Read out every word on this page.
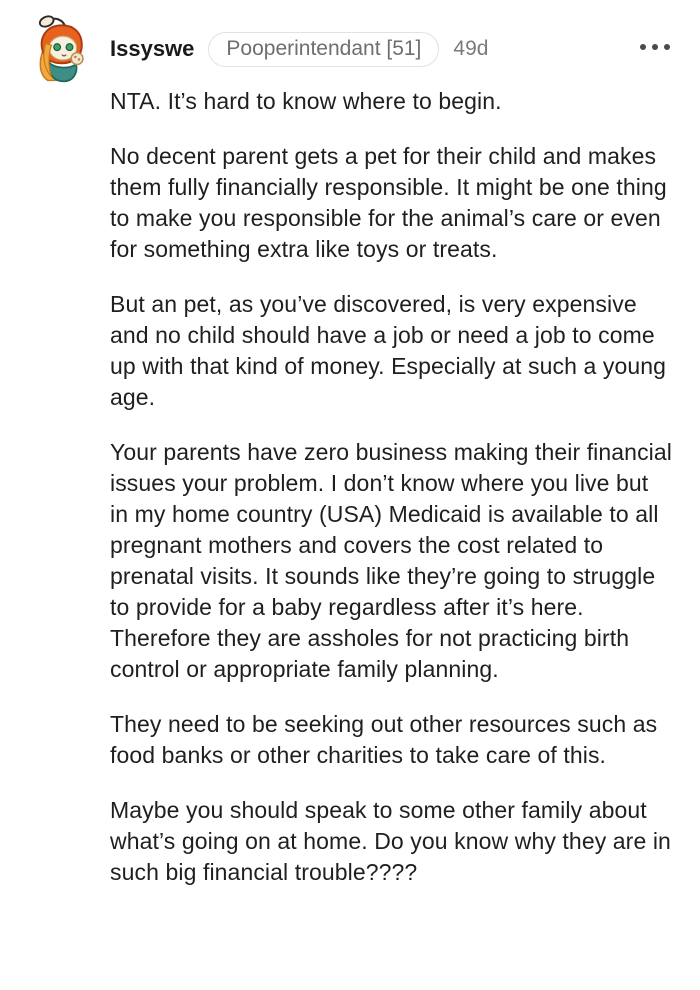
Issyswe	Pooperintendant [51]	49d

NTA. It’s hard to know where to begin.

No decent parent gets a pet for their child and makes them fully financially responsible. It might be one thing to make you responsible for the animal’s care or even for something extra like toys or treats.

But an pet, as you’ve discovered, is very expensive and no child should have a job or need a job to come up with that kind of money. Especially at such a young age.

Your parents have zero business making their financial issues your problem. I don’t know where you live but in my home country (USA) Medicaid is available to all pregnant mothers and covers the cost related to prenatal visits. It sounds like they’re going to struggle to provide for a baby regardless after it’s here. Therefore they are assholes for not practicing birth control or appropriate family planning.

They need to be seeking out other resources such as food banks or other charities to take care of this.

Maybe you should speak to some other family about what’s going on at home. Do you know why they are in such big financial trouble????
